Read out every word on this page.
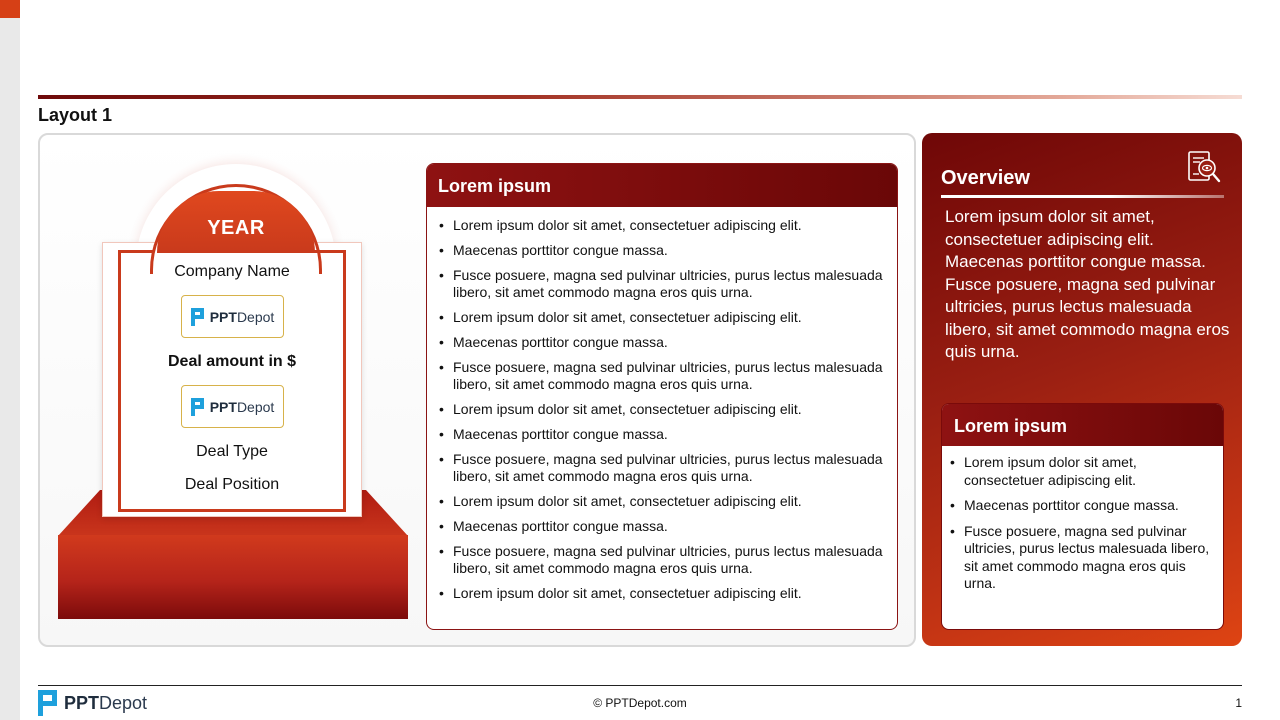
Layout 1
YEAR
Company Name
PPTDepot
Deal amount in $
PPTDepot
Deal Type
Deal Position
Lorem ipsum
• Lorem ipsum dolor sit amet, consectetuer adipiscing elit.
• Maecenas porttitor congue massa.
• Fusce posuere, magna sed pulvinar ultricies, purus lectus malesuada libero, sit amet commodo magna eros quis urna.
• Lorem ipsum dolor sit amet, consectetuer adipiscing elit.
• Maecenas porttitor congue massa.
• Fusce posuere, magna sed pulvinar ultricies, purus lectus malesuada libero, sit amet commodo magna eros quis urna.
• Lorem ipsum dolor sit amet, consectetuer adipiscing elit.
• Maecenas porttitor congue massa.
• Fusce posuere, magna sed pulvinar ultricies, purus lectus malesuada libero, sit amet commodo magna eros quis urna.
• Lorem ipsum dolor sit amet, consectetuer adipiscing elit.
• Maecenas porttitor congue massa.
• Fusce posuere, magna sed pulvinar ultricies, purus lectus malesuada libero, sit amet commodo magna eros quis urna.
• Lorem ipsum dolor sit amet, consectetuer adipiscing elit.
Overview
Lorem ipsum dolor sit amet, consectetuer adipiscing elit. Maecenas porttitor congue massa. Fusce posuere, magna sed pulvinar ultricies, purus lectus malesuada libero, sit amet commodo magna eros quis urna.
Lorem ipsum
• Lorem ipsum dolor sit amet, consectetuer adipiscing elit.
• Maecenas porttitor congue massa.
• Fusce posuere, magna sed pulvinar ultricies, purus lectus malesuada libero, sit amet commodo magna eros quis urna.
PPTDepot	© PPTDepot.com	1
